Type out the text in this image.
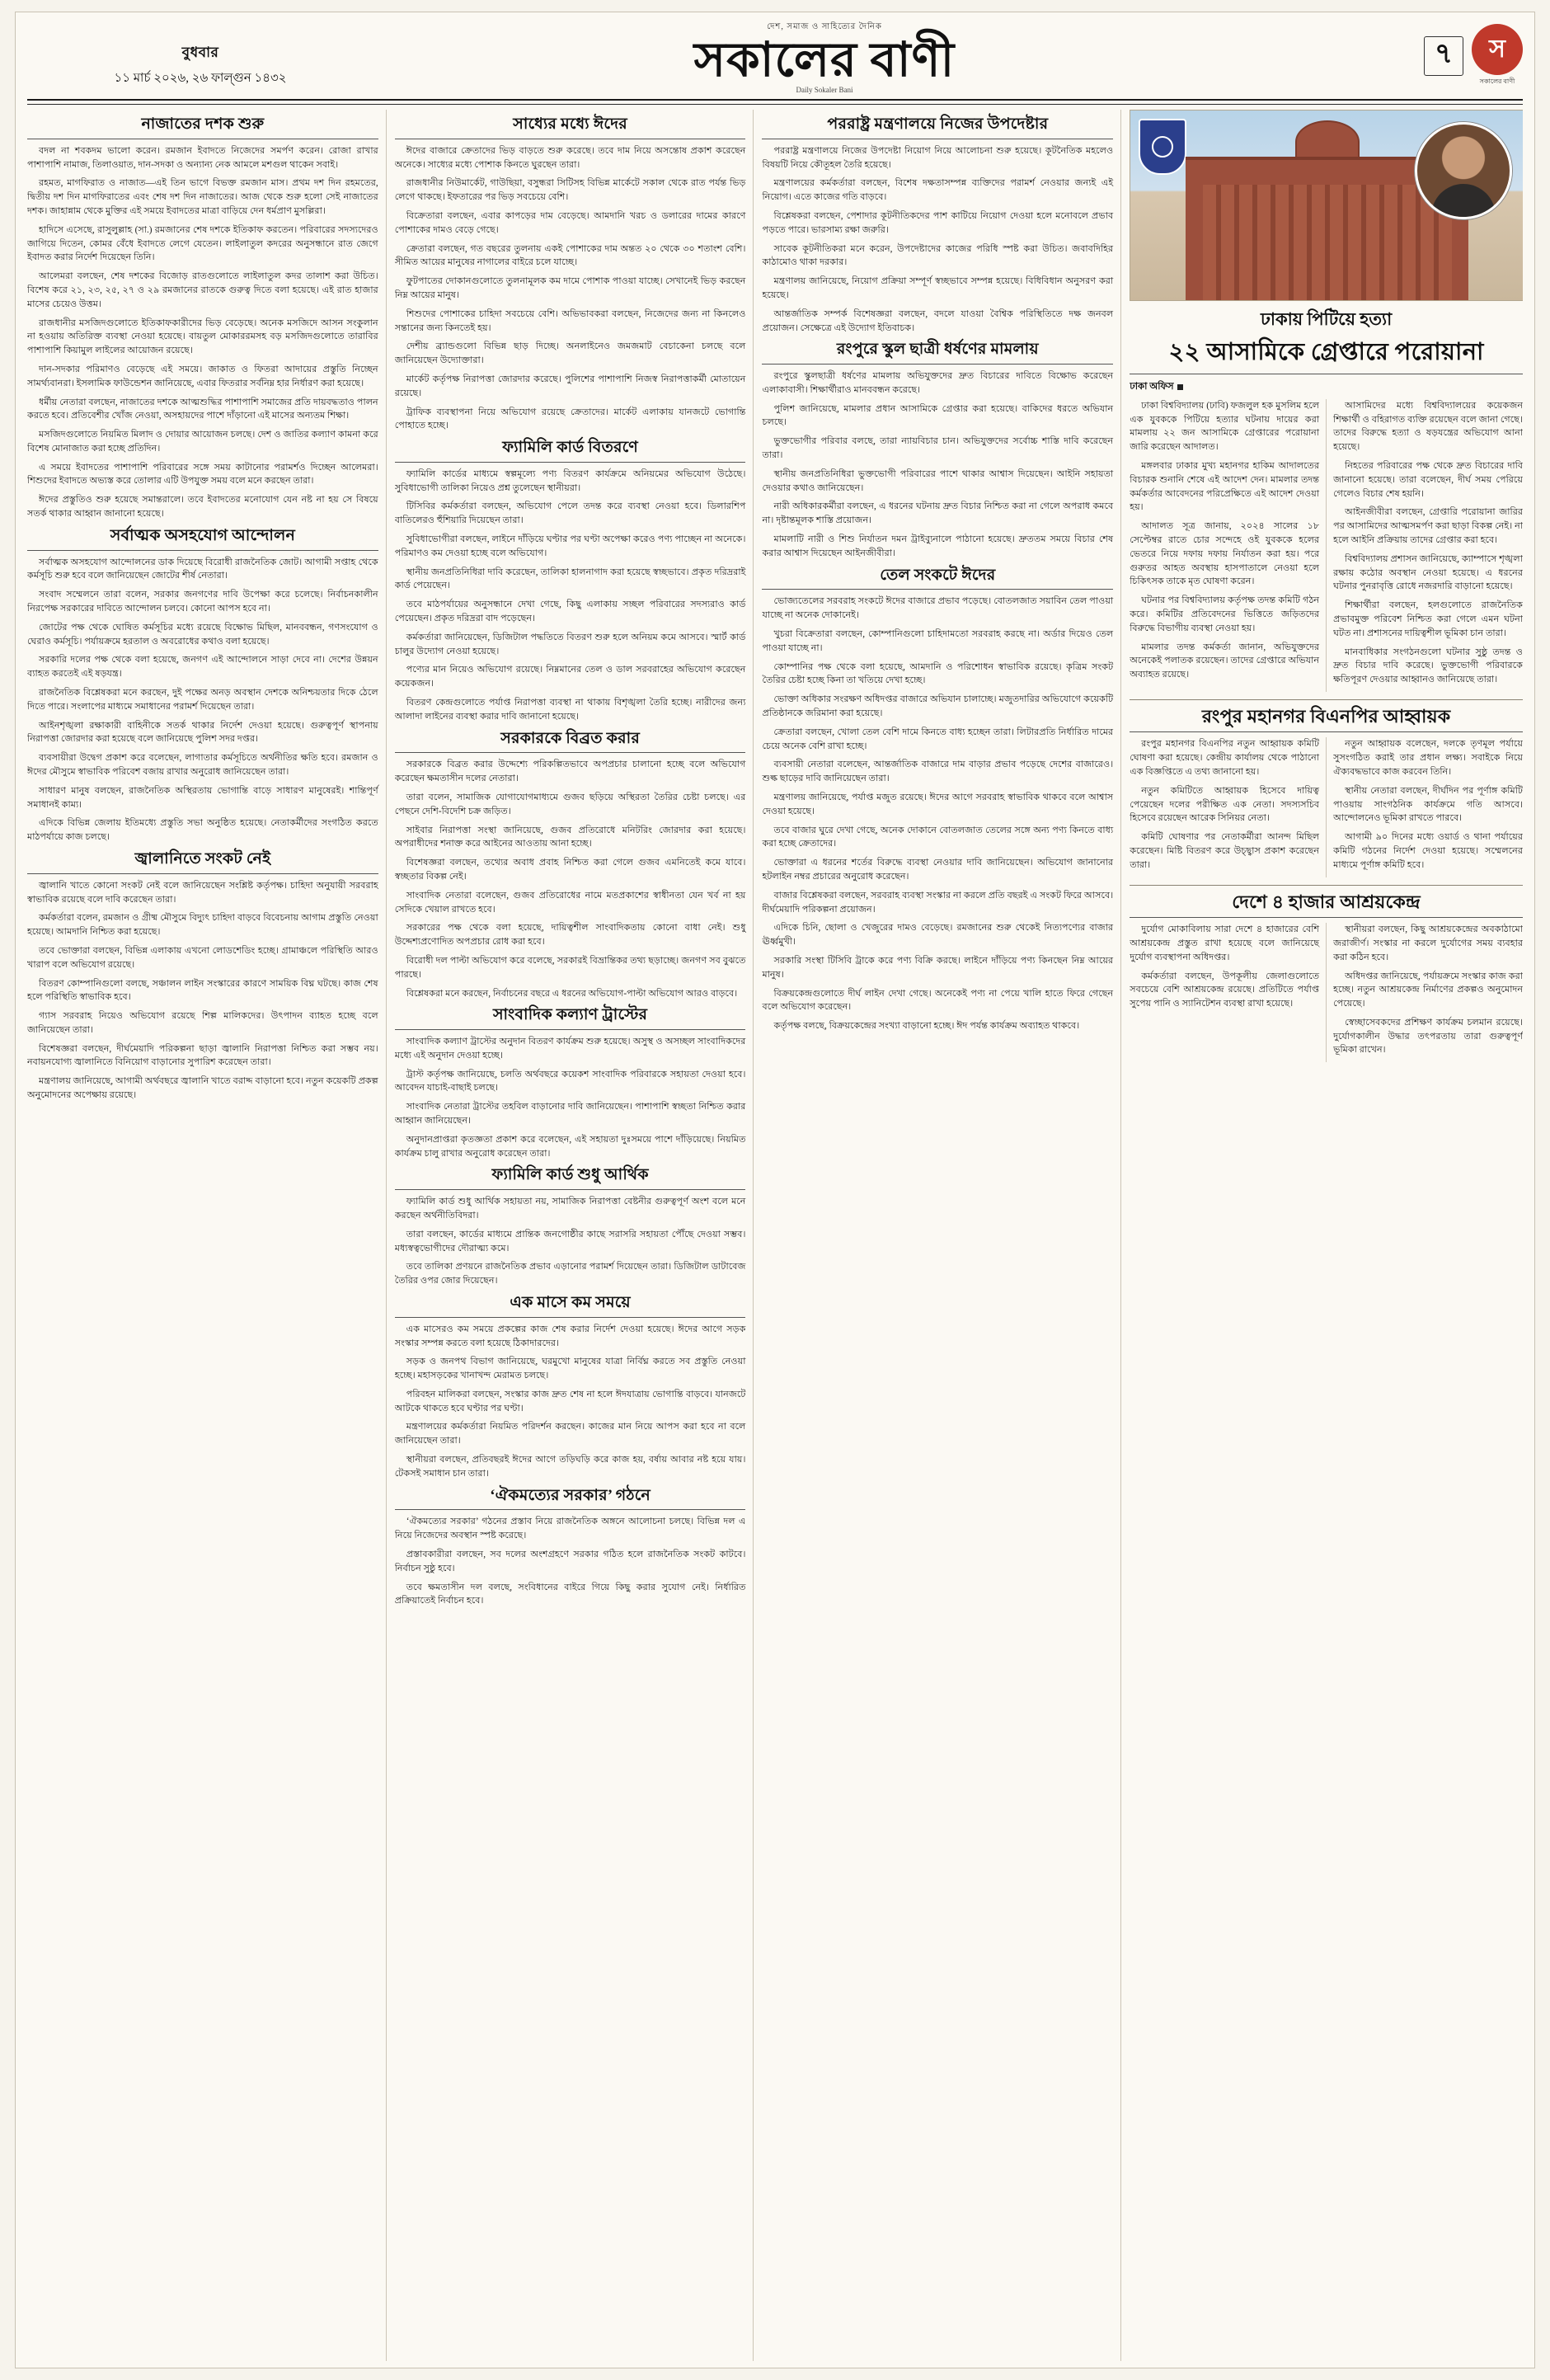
বুধবার
১১ মার্চ ২০২৬, ২৬ ফাল্গুন ১৪৩২
দেশ, সমাজ ও সাহিত্যের দৈনিক
সকালের বাণী
Daily Sokaler Bani
৭	স
সকালের বাণী
নাজাতের দশক শুরু

বদল না শবকদম ভালো করেন। রমজান ইবাদতে নিজেদের সমর্পণ করেন। রোজা রাখার পাশাপাশি নামাজ, তিলাওয়াত, দান-সদকা ও অন্যান্য নেক আমলে মশগুল থাকেন সবাই।

রহমত, মাগফিরাত ও নাজাত—এই তিন ভাগে বিভক্ত রমজান মাস। প্রথম দশ দিন রহমতের, দ্বিতীয় দশ দিন মাগফিরাতের এবং শেষ দশ দিন নাজাতের। আজ থেকে শুরু হলো সেই নাজাতের দশক। জাহান্নাম থেকে মুক্তির এই সময়ে ইবাদতের মাত্রা বাড়িয়ে দেন ধর্মপ্রাণ মুসল্লিরা।

হাদিসে এসেছে, রাসুলুল্লাহ (সা.) রমজানের শেষ দশকে ইতিকাফ করতেন। পরিবারের সদস্যদেরও জাগিয়ে দিতেন, কোমর বেঁধে ইবাদতে লেগে যেতেন। লাইলাতুল কদরের অনুসন্ধানে রাত জেগে ইবাদত করার নির্দেশ দিয়েছেন তিনি।

আলেমরা বলছেন, শেষ দশকের বিজোড় রাতগুলোতে লাইলাতুল কদর তালাশ করা উচিত। বিশেষ করে ২১, ২৩, ২৫, ২৭ ও ২৯ রমজানের রাতকে গুরুত্ব দিতে বলা হয়েছে। এই রাত হাজার মাসের চেয়েও উত্তম।

রাজধানীর মসজিদগুলোতে ইতিকাফকারীদের ভিড় বেড়েছে। অনেক মসজিদে আসন সংকুলান না হওয়ায় অতিরিক্ত ব্যবস্থা নেওয়া হয়েছে। বায়তুল মোকাররমসহ বড় মসজিদগুলোতে তারাবির পাশাপাশি কিয়ামুল লাইলের আয়োজন রয়েছে।

দান-সদকার পরিমাণও বেড়েছে এই সময়ে। জাকাত ও ফিতরা আদায়ের প্রস্তুতি নিচ্ছেন সামর্থ্যবানরা। ইসলামিক ফাউন্ডেশন জানিয়েছে, এবার ফিতরার সর্বনিম্ন হার নির্ধারণ করা হয়েছে।

ধর্মীয় নেতারা বলছেন, নাজাতের দশকে আত্মশুদ্ধির পাশাপাশি সমাজের প্রতি দায়বদ্ধতাও পালন করতে হবে। প্রতিবেশীর খোঁজ নেওয়া, অসহায়দের পাশে দাঁড়ানো এই মাসের অন্যতম শিক্ষা।

মসজিদগুলোতে নিয়মিত মিলাদ ও দোয়ার আয়োজন চলছে। দেশ ও জাতির কল্যাণ কামনা করে বিশেষ মোনাজাত করা হচ্ছে প্রতিদিন।

এ সময়ে ইবাদতের পাশাপাশি পরিবারের সঙ্গে সময় কাটানোর পরামর্শও দিচ্ছেন আলেমরা। শিশুদের ইবাদতে অভ্যস্ত করে তোলার এটি উপযুক্ত সময় বলে মনে করছেন তারা।

ঈদের প্রস্তুতিও শুরু হয়েছে সমান্তরালে। তবে ইবাদতের মনোযোগ যেন নষ্ট না হয় সে বিষয়ে সতর্ক থাকার আহ্বান জানানো হয়েছে।

সর্বাত্মক অসহযোগ আন্দোলন

সর্বাত্মক অসহযোগ আন্দোলনের ডাক দিয়েছে বিরোধী রাজনৈতিক জোট। আগামী সপ্তাহ থেকে কর্মসূচি শুরু হবে বলে জানিয়েছেন জোটের শীর্ষ নেতারা।

সংবাদ সম্মেলনে তারা বলেন, সরকার জনগণের দাবি উপেক্ষা করে চলেছে। নির্বাচনকালীন নিরপেক্ষ সরকারের দাবিতে আন্দোলন চলবে। কোনো আপস হবে না।

জোটের পক্ষ থেকে ঘোষিত কর্মসূচির মধ্যে রয়েছে বিক্ষোভ মিছিল, মানববন্ধন, গণসংযোগ ও ঘেরাও কর্মসূচি। পর্যায়ক্রমে হরতাল ও অবরোধের কথাও বলা হয়েছে।

সরকারি দলের পক্ষ থেকে বলা হয়েছে, জনগণ এই আন্দোলনে সাড়া দেবে না। দেশের উন্নয়ন ব্যাহত করতেই এই ষড়যন্ত্র।

রাজনৈতিক বিশ্লেষকরা মনে করছেন, দুই পক্ষের অনড় অবস্থান দেশকে অনিশ্চয়তার দিকে ঠেলে দিতে পারে। সংলাপের মাধ্যমে সমাধানের পরামর্শ দিয়েছেন তারা।

আইনশৃঙ্খলা রক্ষাকারী বাহিনীকে সতর্ক থাকার নির্দেশ দেওয়া হয়েছে। গুরুত্বপূর্ণ স্থাপনায় নিরাপত্তা জোরদার করা হয়েছে বলে জানিয়েছে পুলিশ সদর দপ্তর।

ব্যবসায়ীরা উদ্বেগ প্রকাশ করে বলেছেন, লাগাতার কর্মসূচিতে অর্থনীতির ক্ষতি হবে। রমজান ও ঈদের মৌসুমে স্বাভাবিক পরিবেশ বজায় রাখার অনুরোধ জানিয়েছেন তারা।

সাধারণ মানুষ বলছেন, রাজনৈতিক অস্থিরতায় ভোগান্তি বাড়ে সাধারণ মানুষেরই। শান্তিপূর্ণ সমাধানই কাম্য।

এদিকে বিভিন্ন জেলায় ইতিমধ্যে প্রস্তুতি সভা অনুষ্ঠিত হয়েছে। নেতাকর্মীদের সংগঠিত করতে মাঠপর্যায়ে কাজ চলছে।

জ্বালানিতে সংকট নেই

জ্বালানি খাতে কোনো সংকট নেই বলে জানিয়েছেন সংশ্লিষ্ট কর্তৃপক্ষ। চাহিদা অনুযায়ী সরবরাহ স্বাভাবিক রয়েছে বলে দাবি করেছেন তারা।

কর্মকর্তারা বলেন, রমজান ও গ্রীষ্ম মৌসুমে বিদ্যুৎ চাহিদা বাড়বে বিবেচনায় আগাম প্রস্তুতি নেওয়া হয়েছে। আমদানি নিশ্চিত করা হয়েছে।

তবে ভোক্তারা বলছেন, বিভিন্ন এলাকায় এখনো লোডশেডিং হচ্ছে। গ্রামাঞ্চলে পরিস্থিতি আরও খারাপ বলে অভিযোগ রয়েছে।

বিতরণ কোম্পানিগুলো বলছে, সঞ্চালন লাইন সংস্কারের কারণে সাময়িক বিঘ্ন ঘটছে। কাজ শেষ হলে পরিস্থিতি স্বাভাবিক হবে।

গ্যাস সরবরাহ নিয়েও অভিযোগ রয়েছে শিল্প মালিকদের। উৎপাদন ব্যাহত হচ্ছে বলে জানিয়েছেন তারা।

বিশেষজ্ঞরা বলছেন, দীর্ঘমেয়াদি পরিকল্পনা ছাড়া জ্বালানি নিরাপত্তা নিশ্চিত করা সম্ভব নয়। নবায়নযোগ্য জ্বালানিতে বিনিয়োগ বাড়ানোর সুপারিশ করেছেন তারা।

মন্ত্রণালয় জানিয়েছে, আগামী অর্থবছরে জ্বালানি খাতে বরাদ্দ বাড়ানো হবে। নতুন কয়েকটি প্রকল্প অনুমোদনের অপেক্ষায় রয়েছে।

সাধ্যের মধ্যে ঈদের

ঈদের বাজারে ক্রেতাদের ভিড় বাড়তে শুরু করেছে। তবে দাম নিয়ে অসন্তোষ প্রকাশ করেছেন অনেকে। সাধ্যের মধ্যে পোশাক কিনতে ঘুরছেন তারা।

রাজধানীর নিউমার্কেট, গাউছিয়া, বসুন্ধরা সিটিসহ বিভিন্ন মার্কেটে সকাল থেকে রাত পর্যন্ত ভিড় লেগে থাকছে। ইফতারের পর ভিড় সবচেয়ে বেশি।

বিক্রেতারা বলছেন, এবার কাপড়ের দাম বেড়েছে। আমদানি খরচ ও ডলারের দামের কারণে পোশাকের দামও বেড়ে গেছে।

ক্রেতারা বলছেন, গত বছরের তুলনায় একই পোশাকের দাম অন্তত ২০ থেকে ৩০ শতাংশ বেশি। সীমিত আয়ের মানুষের নাগালের বাইরে চলে যাচ্ছে।

ফুটপাতের দোকানগুলোতে তুলনামূলক কম দামে পোশাক পাওয়া যাচ্ছে। সেখানেই ভিড় করছেন নিম্ন আয়ের মানুষ।

শিশুদের পোশাকের চাহিদা সবচেয়ে বেশি। অভিভাবকরা বলছেন, নিজেদের জন্য না কিনলেও সন্তানের জন্য কিনতেই হয়।

দেশীয় ব্র্যান্ডগুলো বিভিন্ন ছাড় দিচ্ছে। অনলাইনেও জমজমাট বেচাকেনা চলছে বলে জানিয়েছেন উদ্যোক্তারা।

মার্কেট কর্তৃপক্ষ নিরাপত্তা জোরদার করেছে। পুলিশের পাশাপাশি নিজস্ব নিরাপত্তাকর্মী মোতায়েন রয়েছে।

ট্রাফিক ব্যবস্থাপনা নিয়ে অভিযোগ রয়েছে ক্রেতাদের। মার্কেট এলাকায় যানজটে ভোগান্তি পোহাতে হচ্ছে।

ফ্যামিলি কার্ড বিতরণে

ফ্যামিলি কার্ডের মাধ্যমে স্বল্পমূল্যে পণ্য বিতরণ কার্যক্রমে অনিয়মের অভিযোগ উঠেছে। সুবিধাভোগী তালিকা নিয়েও প্রশ্ন তুলেছেন স্থানীয়রা।

টিসিবির কর্মকর্তারা বলছেন, অভিযোগ পেলে তদন্ত করে ব্যবস্থা নেওয়া হবে। ডিলারশিপ বাতিলেরও হুঁশিয়ারি দিয়েছেন তারা।

সুবিধাভোগীরা বলছেন, লাইনে দাঁড়িয়ে ঘণ্টার পর ঘণ্টা অপেক্ষা করেও পণ্য পাচ্ছেন না অনেকে। পরিমাণও কম দেওয়া হচ্ছে বলে অভিযোগ।

স্থানীয় জনপ্রতিনিধিরা দাবি করেছেন, তালিকা হালনাগাদ করা হয়েছে স্বচ্ছভাবে। প্রকৃত দরিদ্ররাই কার্ড পেয়েছেন।

তবে মাঠপর্যায়ের অনুসন্ধানে দেখা গেছে, কিছু এলাকায় সচ্ছল পরিবারের সদস্যরাও কার্ড পেয়েছেন। প্রকৃত দরিদ্ররা বাদ পড়েছেন।

কর্মকর্তারা জানিয়েছেন, ডিজিটাল পদ্ধতিতে বিতরণ শুরু হলে অনিয়ম কমে আসবে। স্মার্ট কার্ড চালুর উদ্যোগ নেওয়া হয়েছে।

পণ্যের মান নিয়েও অভিযোগ রয়েছে। নিম্নমানের তেল ও ডাল সরবরাহের অভিযোগ করেছেন কয়েকজন।

বিতরণ কেন্দ্রগুলোতে পর্যাপ্ত নিরাপত্তা ব্যবস্থা না থাকায় বিশৃঙ্খলা তৈরি হচ্ছে। নারীদের জন্য আলাদা লাইনের ব্যবস্থা করার দাবি জানানো হয়েছে।

সরকারকে বিব্রত করার

সরকারকে বিব্রত করার উদ্দেশ্যে পরিকল্পিতভাবে অপপ্রচার চালানো হচ্ছে বলে অভিযোগ করেছেন ক্ষমতাসীন দলের নেতারা।

তারা বলেন, সামাজিক যোগাযোগমাধ্যমে গুজব ছড়িয়ে অস্থিরতা তৈরির চেষ্টা চলছে। এর পেছনে দেশি-বিদেশি চক্র জড়িত।

সাইবার নিরাপত্তা সংস্থা জানিয়েছে, গুজব প্রতিরোধে মনিটরিং জোরদার করা হয়েছে। অপরাধীদের শনাক্ত করে আইনের আওতায় আনা হচ্ছে।

বিশেষজ্ঞরা বলছেন, তথ্যের অবাধ প্রবাহ নিশ্চিত করা গেলে গুজব এমনিতেই কমে যাবে। স্বচ্ছতার বিকল্প নেই।

সাংবাদিক নেতারা বলেছেন, গুজব প্রতিরোধের নামে মতপ্রকাশের স্বাধীনতা যেন খর্ব না হয় সেদিকে খেয়াল রাখতে হবে।

সরকারের পক্ষ থেকে বলা হয়েছে, দায়িত্বশীল সাংবাদিকতায় কোনো বাধা নেই। শুধু উদ্দেশ্যপ্রণোদিত অপপ্রচার রোধ করা হবে।

বিরোধী দল পাল্টা অভিযোগ করে বলেছে, সরকারই বিভ্রান্তিকর তথ্য ছড়াচ্ছে। জনগণ সব বুঝতে পারছে।

বিশ্লেষকরা মনে করছেন, নির্বাচনের বছরে এ ধরনের অভিযোগ-পাল্টা অভিযোগ আরও বাড়বে।

সাংবাদিক কল্যাণ ট্রাস্টের

সাংবাদিক কল্যাণ ট্রাস্টের অনুদান বিতরণ কার্যক্রম শুরু হয়েছে। অসুস্থ ও অসচ্ছল সাংবাদিকদের মধ্যে এই অনুদান দেওয়া হচ্ছে।

ট্রাস্ট কর্তৃপক্ষ জানিয়েছে, চলতি অর্থবছরে কয়েকশ সাংবাদিক পরিবারকে সহায়তা দেওয়া হবে। আবেদন যাচাই-বাছাই চলছে।

সাংবাদিক নেতারা ট্রাস্টের তহবিল বাড়ানোর দাবি জানিয়েছেন। পাশাপাশি স্বচ্ছতা নিশ্চিত করার আহ্বান জানিয়েছেন।

অনুদানপ্রাপ্তরা কৃতজ্ঞতা প্রকাশ করে বলেছেন, এই সহায়তা দুঃসময়ে পাশে দাঁড়িয়েছে। নিয়মিত কার্যক্রম চালু রাখার অনুরোধ করেছেন তারা।

ফ্যামিলি কার্ড শুধু আর্থিক

ফ্যামিলি কার্ড শুধু আর্থিক সহায়তা নয়, সামাজিক নিরাপত্তা বেষ্টনীর গুরুত্বপূর্ণ অংশ বলে মনে করছেন অর্থনীতিবিদরা।

তারা বলছেন, কার্ডের মাধ্যমে প্রান্তিক জনগোষ্ঠীর কাছে সরাসরি সহায়তা পৌঁছে দেওয়া সম্ভব। মধ্যস্বত্বভোগীদের দৌরাত্ম্য কমে।

তবে তালিকা প্রণয়নে রাজনৈতিক প্রভাব এড়ানোর পরামর্শ দিয়েছেন তারা। ডিজিটাল ডাটাবেজ তৈরির ওপর জোর দিয়েছেন।

এক মাসে কম সময়ে

এক মাসেরও কম সময়ে প্রকল্পের কাজ শেষ করার নির্দেশ দেওয়া হয়েছে। ঈদের আগে সড়ক সংস্কার সম্পন্ন করতে বলা হয়েছে ঠিকাদারদের।

সড়ক ও জনপথ বিভাগ জানিয়েছে, ঘরমুখো মানুষের যাত্রা নির্বিঘ্ন করতে সব প্রস্তুতি নেওয়া হচ্ছে। মহাসড়কের খানাখন্দ মেরামত চলছে।

পরিবহন মালিকরা বলছেন, সংস্কার কাজ দ্রুত শেষ না হলে ঈদযাত্রায় ভোগান্তি বাড়বে। যানজটে আটকে থাকতে হবে ঘণ্টার পর ঘণ্টা।

মন্ত্রণালয়ের কর্মকর্তারা নিয়মিত পরিদর্শন করছেন। কাজের মান নিয়ে আপস করা হবে না বলে জানিয়েছেন তারা।

স্থানীয়রা বলছেন, প্রতিবছরই ঈদের আগে তড়িঘড়ি করে কাজ হয়, বর্ষায় আবার নষ্ট হয়ে যায়। টেকসই সমাধান চান তারা।

‘ঐকমত্যের সরকার’ গঠনে

‘ঐকমত্যের সরকার’ গঠনের প্রস্তাব নিয়ে রাজনৈতিক অঙ্গনে আলোচনা চলছে। বিভিন্ন দল এ নিয়ে নিজেদের অবস্থান স্পষ্ট করেছে।

প্রস্তাবকারীরা বলছেন, সব দলের অংশগ্রহণে সরকার গঠিত হলে রাজনৈতিক সংকট কাটবে। নির্বাচন সুষ্ঠু হবে।

তবে ক্ষমতাসীন দল বলছে, সংবিধানের বাইরে গিয়ে কিছু করার সুযোগ নেই। নির্ধারিত প্রক্রিয়াতেই নির্বাচন হবে।

পররাষ্ট্র মন্ত্রণালয়ে নিজের উপদেষ্টার

পররাষ্ট্র মন্ত্রণালয়ে নিজের উপদেষ্টা নিয়োগ নিয়ে আলোচনা শুরু হয়েছে। কূটনৈতিক মহলেও বিষয়টি নিয়ে কৌতূহল তৈরি হয়েছে।

মন্ত্রণালয়ের কর্মকর্তারা বলছেন, বিশেষ দক্ষতাসম্পন্ন ব্যক্তিদের পরামর্শ নেওয়ার জন্যই এই নিয়োগ। এতে কাজের গতি বাড়বে।

বিশ্লেষকরা বলছেন, পেশাদার কূটনীতিকদের পাশ কাটিয়ে নিয়োগ দেওয়া হলে মনোবলে প্রভাব পড়তে পারে। ভারসাম্য রক্ষা জরুরি।

সাবেক কূটনীতিকরা মনে করেন, উপদেষ্টাদের কাজের পরিধি স্পষ্ট করা উচিত। জবাবদিহির কাঠামোও থাকা দরকার।

মন্ত্রণালয় জানিয়েছে, নিয়োগ প্রক্রিয়া সম্পূর্ণ স্বচ্ছভাবে সম্পন্ন হয়েছে। বিধিবিধান অনুসরণ করা হয়েছে।

আন্তর্জাতিক সম্পর্ক বিশেষজ্ঞরা বলছেন, বদলে যাওয়া বৈশ্বিক পরিস্থিতিতে দক্ষ জনবল প্রয়োজন। সেক্ষেত্রে এই উদ্যোগ ইতিবাচক।

রংপুরে স্কুল ছাত্রী ধর্ষণের মামলায়

রংপুরে স্কুলছাত্রী ধর্ষণের মামলায় অভিযুক্তদের দ্রুত বিচারের দাবিতে বিক্ষোভ করেছেন এলাকাবাসী। শিক্ষার্থীরাও মানববন্ধন করেছে।

পুলিশ জানিয়েছে, মামলার প্রধান আসামিকে গ্রেপ্তার করা হয়েছে। বাকিদের ধরতে অভিযান চলছে।

ভুক্তভোগীর পরিবার বলছে, তারা ন্যায়বিচার চান। অভিযুক্তদের সর্বোচ্চ শাস্তি দাবি করেছেন তারা।

স্থানীয় জনপ্রতিনিধিরা ভুক্তভোগী পরিবারের পাশে থাকার আশ্বাস দিয়েছেন। আইনি সহায়তা দেওয়ার কথাও জানিয়েছেন।

নারী অধিকারকর্মীরা বলছেন, এ ধরনের ঘটনায় দ্রুত বিচার নিশ্চিত করা না গেলে অপরাধ কমবে না। দৃষ্টান্তমূলক শাস্তি প্রয়োজন।

মামলাটি নারী ও শিশু নির্যাতন দমন ট্রাইব্যুনালে পাঠানো হয়েছে। দ্রুততম সময়ে বিচার শেষ করার আশ্বাস দিয়েছেন আইনজীবীরা।

তেল সংকটে ঈদের

ভোজ্যতেলের সরবরাহ সংকটে ঈদের বাজারে প্রভাব পড়েছে। বোতলজাত সয়াবিন তেল পাওয়া যাচ্ছে না অনেক দোকানেই।

খুচরা বিক্রেতারা বলছেন, কোম্পানিগুলো চাহিদামতো সরবরাহ করছে না। অর্ডার দিয়েও তেল পাওয়া যাচ্ছে না।

কোম্পানির পক্ষ থেকে বলা হয়েছে, আমদানি ও পরিশোধন স্বাভাবিক রয়েছে। কৃত্রিম সংকট তৈরির চেষ্টা হচ্ছে কিনা তা খতিয়ে দেখা হচ্ছে।

ভোক্তা অধিকার সংরক্ষণ অধিদপ্তর বাজারে অভিযান চালাচ্ছে। মজুতদারির অভিযোগে কয়েকটি প্রতিষ্ঠানকে জরিমানা করা হয়েছে।

ক্রেতারা বলছেন, খোলা তেল বেশি দামে কিনতে বাধ্য হচ্ছেন তারা। লিটারপ্রতি নির্ধারিত দামের চেয়ে অনেক বেশি রাখা হচ্ছে।

ব্যবসায়ী নেতারা বলেছেন, আন্তর্জাতিক বাজারে দাম বাড়ার প্রভাব পড়েছে দেশের বাজারেও। শুল্ক ছাড়ের দাবি জানিয়েছেন তারা।

মন্ত্রণালয় জানিয়েছে, পর্যাপ্ত মজুত রয়েছে। ঈদের আগে সরবরাহ স্বাভাবিক থাকবে বলে আশ্বাস দেওয়া হয়েছে।

তবে বাজার ঘুরে দেখা গেছে, অনেক দোকানে বোতলজাত তেলের সঙ্গে অন্য পণ্য কিনতে বাধ্য করা হচ্ছে ক্রেতাদের।

ভোক্তারা এ ধরনের শর্তের বিরুদ্ধে ব্যবস্থা নেওয়ার দাবি জানিয়েছেন। অভিযোগ জানানোর হটলাইন নম্বর প্রচারের অনুরোধ করেছেন।

বাজার বিশ্লেষকরা বলছেন, সরবরাহ ব্যবস্থা সংস্কার না করলে প্রতি বছরই এ সংকট ফিরে আসবে। দীর্ঘমেয়াদি পরিকল্পনা প্রয়োজন।

এদিকে চিনি, ছোলা ও খেজুরের দামও বেড়েছে। রমজানের শুরু থেকেই নিত্যপণ্যের বাজার ঊর্ধ্বমুখী।

সরকারি সংস্থা টিসিবি ট্রাকে করে পণ্য বিক্রি করছে। লাইনে দাঁড়িয়ে পণ্য কিনছেন নিম্ন আয়ের মানুষ।

বিক্রয়কেন্দ্রগুলোতে দীর্ঘ লাইন দেখা গেছে। অনেকেই পণ্য না পেয়ে খালি হাতে ফিরে গেছেন বলে অভিযোগ করেছেন।

কর্তৃপক্ষ বলছে, বিক্রয়কেন্দ্রের সংখ্যা বাড়ানো হচ্ছে। ঈদ পর্যন্ত কার্যক্রম অব্যাহত থাকবে।

ঢাকায় পিটিয়ে হত্যা
২২ আসামিকে গ্রেপ্তারে পরোয়ানা
ঢাকা অফিস

ঢাকা বিশ্ববিদ্যালয় (ঢাবি) ফজলুল হক মুসলিম হলে এক যুবককে পিটিয়ে হত্যার ঘটনায় দায়ের করা মামলায় ২২ জন আসামিকে গ্রেপ্তারের পরোয়ানা জারি করেছেন আদালত।

মঙ্গলবার ঢাকার মুখ্য মহানগর হাকিম আদালতের বিচারক শুনানি শেষে এই আদেশ দেন। মামলার তদন্ত কর্মকর্তার আবেদনের পরিপ্রেক্ষিতে এই আদেশ দেওয়া হয়।

আদালত সূত্র জানায়, ২০২৪ সালের ১৮ সেপ্টেম্বর রাতে চোর সন্দেহে ওই যুবককে হলের ভেতরে নিয়ে দফায় দফায় নির্যাতন করা হয়। পরে গুরুতর আহত অবস্থায় হাসপাতালে নেওয়া হলে চিকিৎসক তাকে মৃত ঘোষণা করেন।

ঘটনার পর বিশ্ববিদ্যালয় কর্তৃপক্ষ তদন্ত কমিটি গঠন করে। কমিটির প্রতিবেদনের ভিত্তিতে জড়িতদের বিরুদ্ধে বিভাগীয় ব্যবস্থা নেওয়া হয়।

মামলার তদন্ত কর্মকর্তা জানান, অভিযুক্তদের অনেকেই পলাতক রয়েছেন। তাদের গ্রেপ্তারে অভিযান অব্যাহত রয়েছে।

আসামিদের মধ্যে বিশ্ববিদ্যালয়ের কয়েকজন শিক্ষার্থী ও বহিরাগত ব্যক্তি রয়েছেন বলে জানা গেছে। তাদের বিরুদ্ধে হত্যা ও ষড়যন্ত্রের অভিযোগ আনা হয়েছে।

নিহতের পরিবারের পক্ষ থেকে দ্রুত বিচারের দাবি জানানো হয়েছে। তারা বলেছেন, দীর্ঘ সময় পেরিয়ে গেলেও বিচার শেষ হয়নি।

আইনজীবীরা বলছেন, গ্রেপ্তারি পরোয়ানা জারির পর আসামিদের আত্মসমর্পণ করা ছাড়া বিকল্প নেই। না হলে আইনি প্রক্রিয়ায় তাদের গ্রেপ্তার করা হবে।

বিশ্ববিদ্যালয় প্রশাসন জানিয়েছে, ক্যাম্পাসে শৃঙ্খলা রক্ষায় কঠোর অবস্থান নেওয়া হয়েছে। এ ধরনের ঘটনার পুনরাবৃত্তি রোধে নজরদারি বাড়ানো হয়েছে।

শিক্ষার্থীরা বলছেন, হলগুলোতে রাজনৈতিক প্রভাবমুক্ত পরিবেশ নিশ্চিত করা গেলে এমন ঘটনা ঘটত না। প্রশাসনের দায়িত্বশীল ভূমিকা চান তারা।

মানবাধিকার সংগঠনগুলো ঘটনার সুষ্ঠু তদন্ত ও দ্রুত বিচার দাবি করেছে। ভুক্তভোগী পরিবারকে ক্ষতিপূরণ দেওয়ার আহ্বানও জানিয়েছে তারা।

রংপুর মহানগর বিএনপির আহ্বায়ক

রংপুর মহানগর বিএনপির নতুন আহ্বায়ক কমিটি ঘোষণা করা হয়েছে। কেন্দ্রীয় কার্যালয় থেকে পাঠানো এক বিজ্ঞপ্তিতে এ তথ্য জানানো হয়।

নতুন কমিটিতে আহ্বায়ক হিসেবে দায়িত্ব পেয়েছেন দলের পরীক্ষিত এক নেতা। সদস্যসচিব হিসেবে রয়েছেন আরেক সিনিয়র নেতা।

কমিটি ঘোষণার পর নেতাকর্মীরা আনন্দ মিছিল করেছেন। মিষ্টি বিতরণ করে উচ্ছ্বাস প্রকাশ করেছেন তারা।

নতুন আহ্বায়ক বলেছেন, দলকে তৃণমূল পর্যায়ে সুসংগঠিত করাই তার প্রধান লক্ষ্য। সবাইকে নিয়ে ঐক্যবদ্ধভাবে কাজ করবেন তিনি।

স্থানীয় নেতারা বলছেন, দীর্ঘদিন পর পূর্ণাঙ্গ কমিটি পাওয়ায় সাংগঠনিক কার্যক্রমে গতি আসবে। আন্দোলনেও ভূমিকা রাখতে পারবে।

আগামী ৯০ দিনের মধ্যে ওয়ার্ড ও থানা পর্যায়ের কমিটি গঠনের নির্দেশ দেওয়া হয়েছে। সম্মেলনের মাধ্যমে পূর্ণাঙ্গ কমিটি হবে।

দেশে ৪ হাজার আশ্রয়কেন্দ্র

দুর্যোগ মোকাবিলায় সারা দেশে ৪ হাজারের বেশি আশ্রয়কেন্দ্র প্রস্তুত রাখা হয়েছে বলে জানিয়েছে দুর্যোগ ব্যবস্থাপনা অধিদপ্তর।

কর্মকর্তারা বলছেন, উপকূলীয় জেলাগুলোতে সবচেয়ে বেশি আশ্রয়কেন্দ্র রয়েছে। প্রতিটিতে পর্যাপ্ত সুপেয় পানি ও স্যানিটেশন ব্যবস্থা রাখা হয়েছে।

স্থানীয়রা বলছেন, কিছু আশ্রয়কেন্দ্রের অবকাঠামো জরাজীর্ণ। সংস্কার না করলে দুর্যোগের সময় ব্যবহার করা কঠিন হবে।

অধিদপ্তর জানিয়েছে, পর্যায়ক্রমে সংস্কার কাজ করা হচ্ছে। নতুন আশ্রয়কেন্দ্র নির্মাণের প্রকল্পও অনুমোদন পেয়েছে।

স্বেচ্ছাসেবকদের প্রশিক্ষণ কার্যক্রম চলমান রয়েছে। দুর্যোগকালীন উদ্ধার তৎপরতায় তারা গুরুত্বপূর্ণ ভূমিকা রাখেন।
